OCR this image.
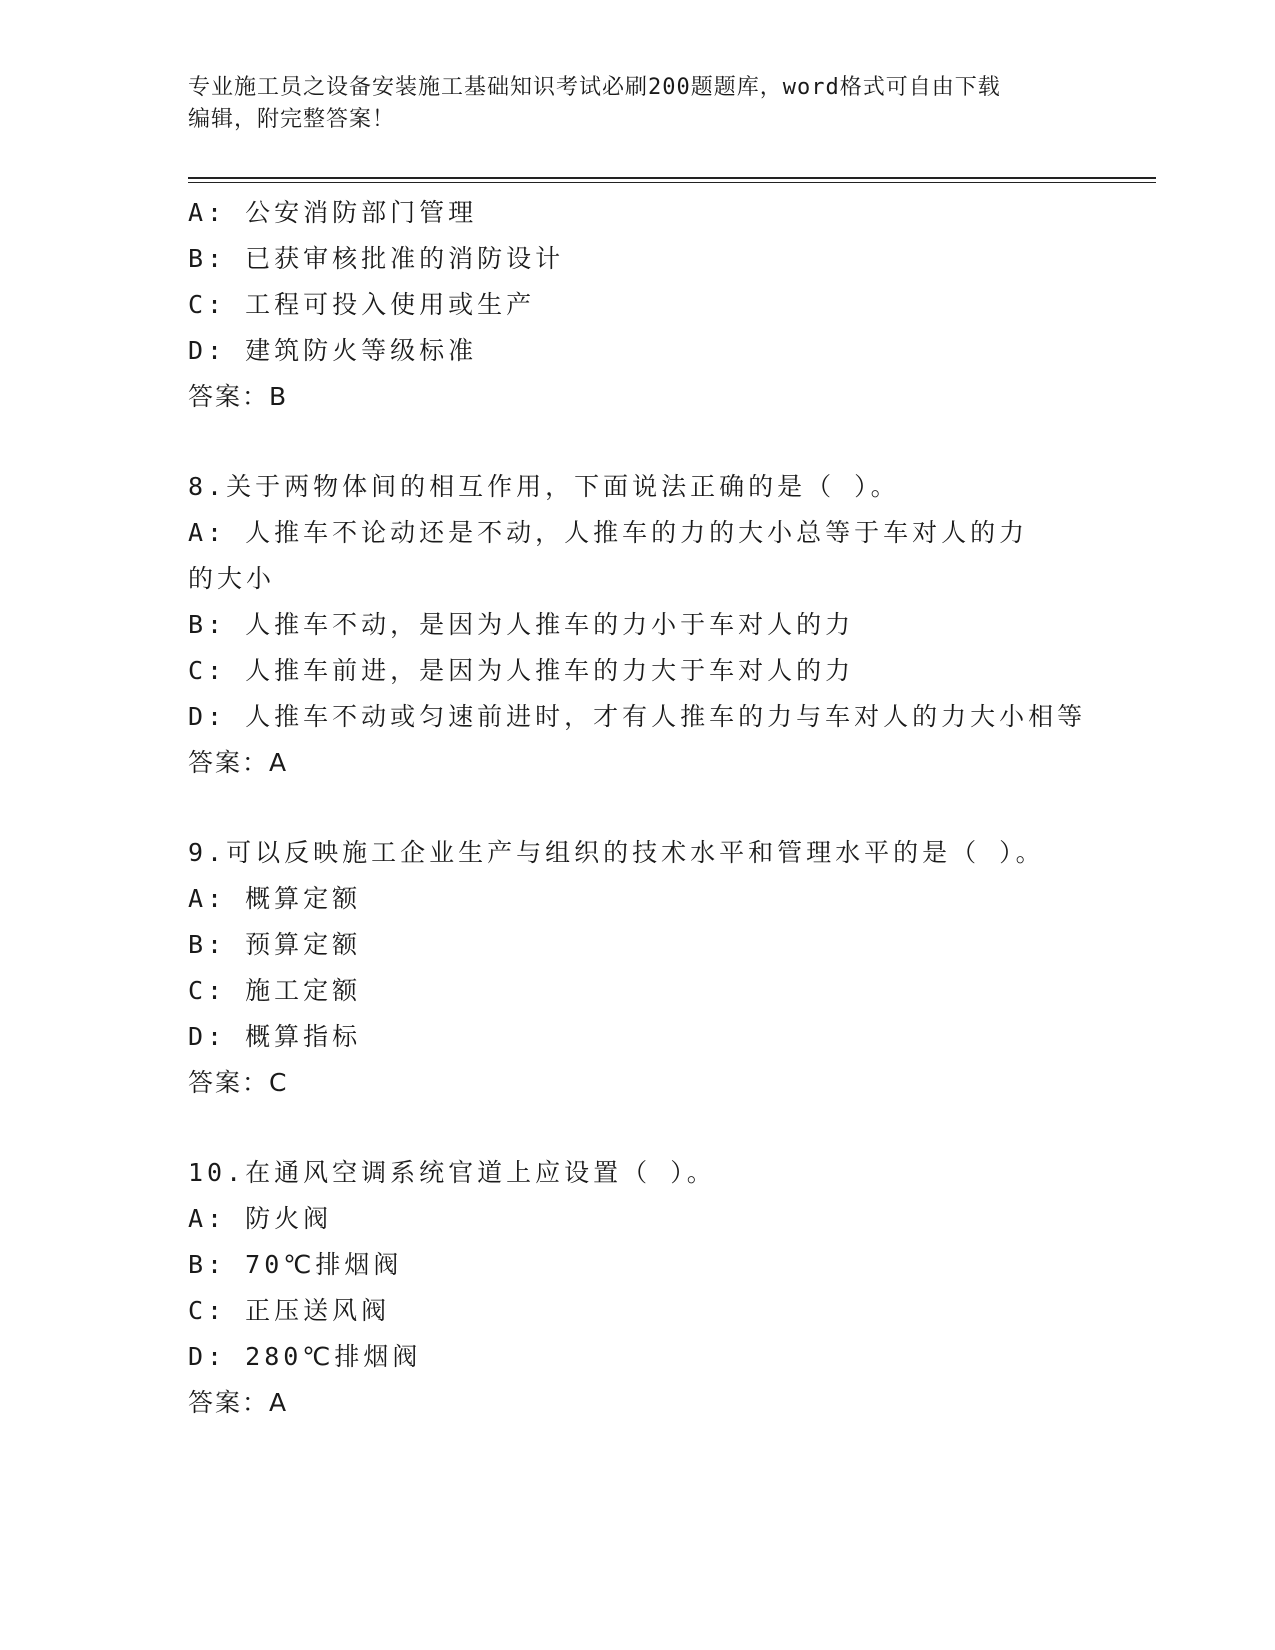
专业施工员之设备安装施工基础知识考试必刷200题题库，word格式可自由下载
编辑，附完整答案！
A: 公安消防部门管理
B: 已获审核批准的消防设计
C: 工程可投入使用或生产
D: 建筑防火等级标准
答案：B
8.关于两物体间的相互作用，下面说法正确的是（ ）。
A: 人推车不论动还是不动，人推车的力的大小总等于车对人的力的大小
B: 人推车不动，是因为人推车的力小于车对人的力
C: 人推车前进，是因为人推车的力大于车对人的力
D: 人推车不动或匀速前进时，才有人推车的力与车对人的力大小相等
答案：A
9.可以反映施工企业生产与组织的技术水平和管理水平的是（ ）。
A: 概算定额
B: 预算定额
C: 施工定额
D: 概算指标
答案：C
10.在通风空调系统官道上应设置（ ）。
A: 防火阀
B: 70℃排烟阀
C: 正压送风阀
D: 280℃排烟阀
答案：A
